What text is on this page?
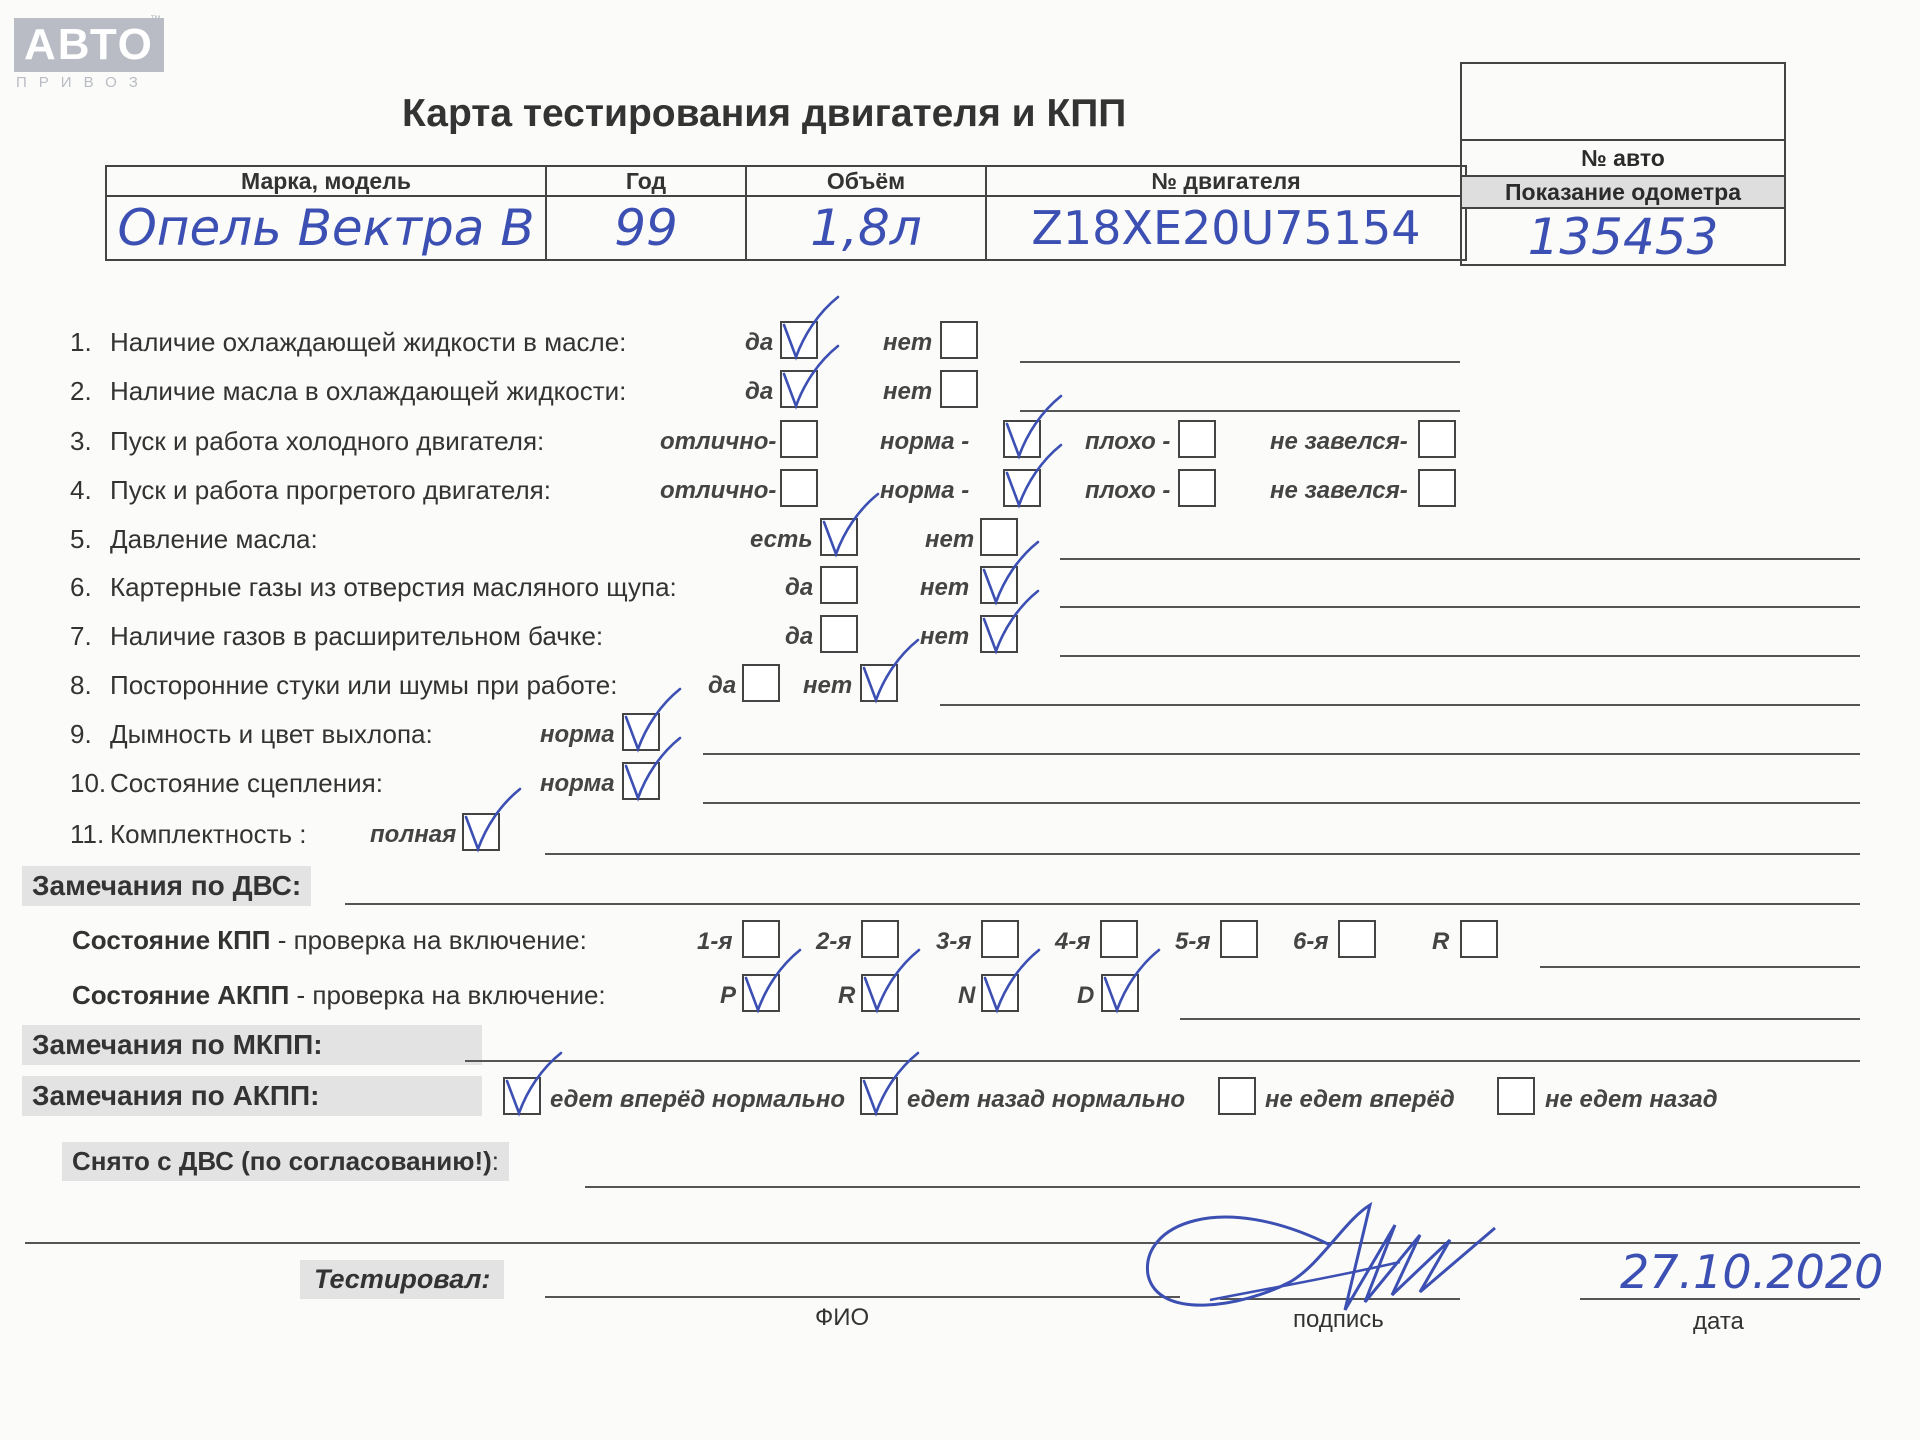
АВТО
ПРИВОЗ
™
Карта тестирования двигателя и КПП
Марка, модель	Год	Объём	№ двигателя
Опель Вектра В	99	1,8л	Z18XE20U75154
№ авто
Показание одометра
135453
1. Наличие охлаждающей жидкости в масле:	да	нет
2. Наличие масла в охлаждающей жидкости:	да	нет
3. Пуск и работа холодного двигателя:	отлично-	норма -	плохо -	не завелся-
4. Пуск и работа прогретого двигателя:	отлично-	норма -	плохо -	не завелся-
5. Давление масла:	есть	нет
6. Картерные газы из отверстия масляного щупа:	да	нет
7. Наличие газов в расширительном бачке:	да	нет
8. Посторонние стуки или шумы при работе:	да	нет
9. Дымность и цвет выхлопа:	норма
10. Состояние сцепления:	норма
11. Комплектность :	полная
Замечания по ДВС:
Состояние КПП - проверка на включение:	1-я	2-я	3-я	4-я	5-я	6-я	R
Состояние АКПП - проверка на включение:	P	R	N	D
Замечания по МКПП:
Замечания по АКПП:	едет вперёд нормально	едет назад нормально	не едет вперёд	не едет назад
Снято с ДВС (по согласованию!):
Тестировал:
ФИО	подпись	дата
27.10.2020
